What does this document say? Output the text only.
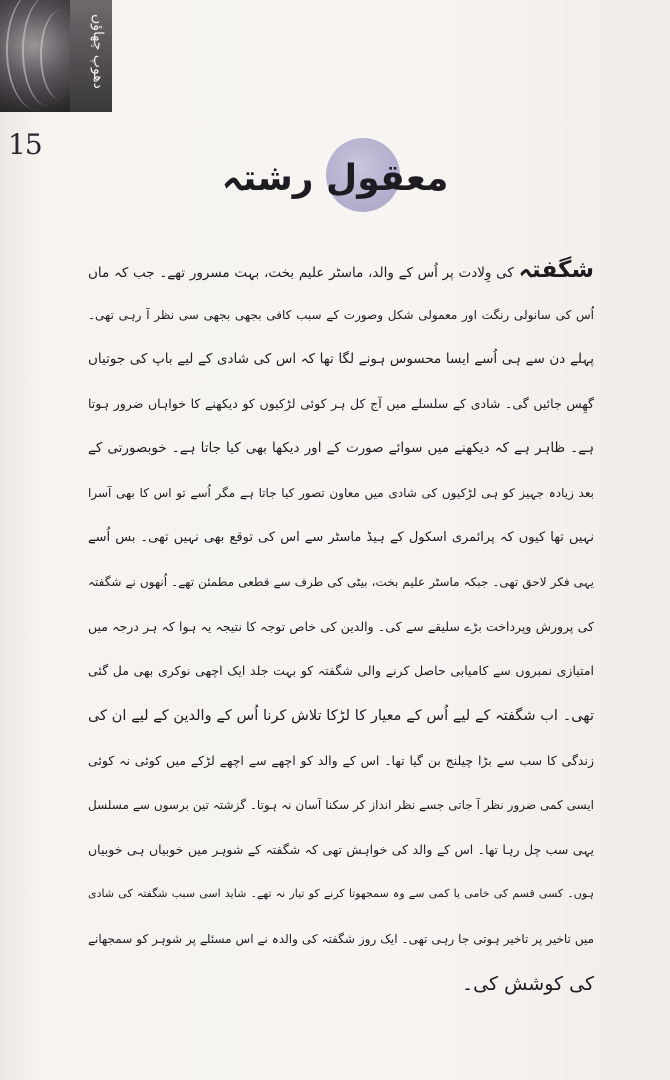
دھوپ چھاؤں
15
معقول رشتہ
شگفتہ کی وِلادت پر اُس کے والد، ماسٹر علیم بخت، بہت مسرور تھے۔ جب کہ ماں
اُس کی سانولی رنگت اور معمولی شکل وصورت کے سبب کافی بجھی بجھی سی نظر آ رہی تھی۔
پہلے دن سے ہی اُسے ایسا محسوس ہونے لگا تھا کہ اس کی شادی کے لیے باپ کی جوتیاں
گھِس جائیں گی۔ شادی کے سلسلے میں آج کل ہر کوئی لڑکیوں کو دیکھنے کا خواہاں ضرور ہوتا
ہے۔ ظاہر ہے کہ دیکھنے میں سوائے صورت کے اور دیکھا بھی کیا جاتا ہے۔ خوبصورتی کے
بعد زیادہ جہیز کو ہی لڑکیوں کی شادی میں معاون تصور کیا جاتا ہے مگر اُسے تو اس کا بھی آسرا
نہیں تھا کیوں کہ پرائمری اسکول کے ہیڈ ماسٹر سے اس کی توقع بھی نہیں تھی۔ بس اُسے
یہی فکر لاحق تھی۔ جبکہ ماسٹر علیم بخت، بیٹی کی طرف سے قطعی مطمئن تھے۔ اُنھوں نے شگفتہ
کی پرورش وپرداخت بڑے سلیقے سے کی۔ والدین کی خاص توجہ کا نتیجہ یہ ہوا کہ ہر درجہ میں
امتیازی نمبروں سے کامیابی حاصل کرنے والی شگفتہ کو بہت جلد ایک اچھی نوکری بھی مل گئی
تھی۔ اب شگفتہ کے لیے اُس کے معیار کا لڑکا تلاش کرنا اُس کے والدین کے لیے ان کی
زندگی کا سب سے بڑا چیلنج بن گیا تھا۔ اس کے والد کو اچھے سے اچھے لڑکے میں کوئی نہ کوئی
ایسی کمی ضرور نظر آ جاتی جسے نظر انداز کر سکنا آسان نہ ہوتا۔ گزشتہ تین برسوں سے مسلسل
یہی سب چل رہا تھا۔ اس کے والد کی خواہش تھی کہ شگفتہ کے شوہر میں خوبیاں ہی خوبیاں
ہوں۔ کسی قسم کی خامی یا کمی سے وہ سمجھوتا کرنے کو تیار نہ تھے۔ شاید اسی سبب شگفتہ کی شادی
میں تاخیر پر تاخیر ہوتی جا رہی تھی۔ ایک روز شگفتہ کی والدہ نے اس مسئلے پر شوہر کو سمجھانے
کی کوشش کی۔
